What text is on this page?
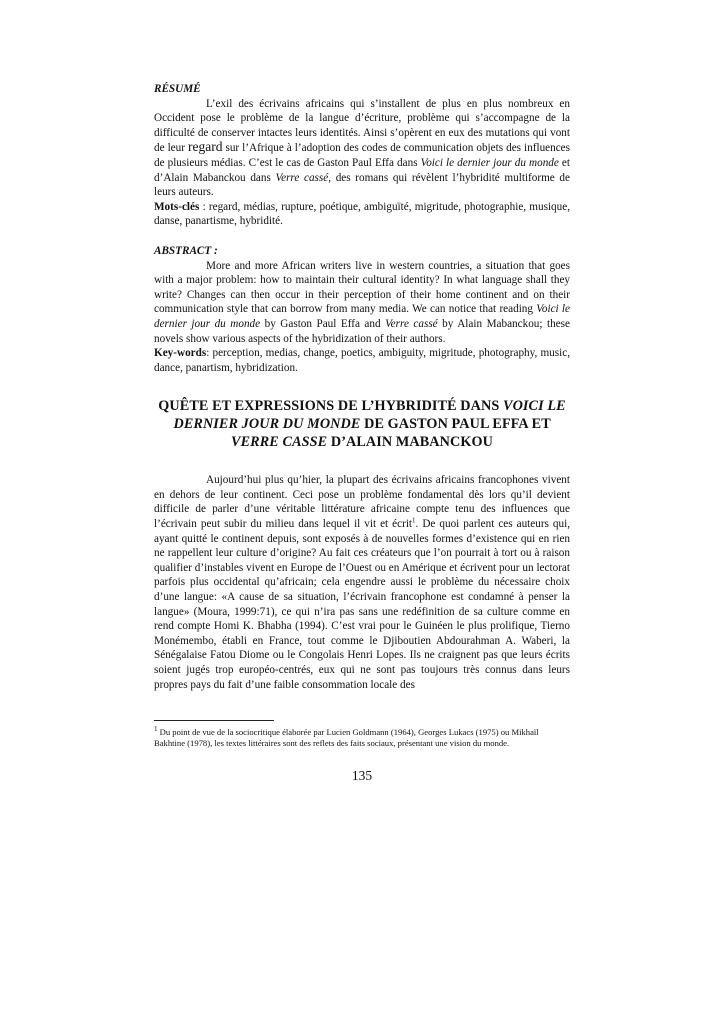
RÉSUMÉ

L’exil des écrivains africains qui s’installent de plus en plus nombreux en Occident pose le problème de la langue d’écriture, problème qui s’accompagne de la difficulté de conserver intactes leurs identités. Ainsi s’opèrent en eux des mutations qui vont de leur regard sur l’Afrique à l’adoption des codes de communication objets des influences de plusieurs médias. C’est le cas de Gaston Paul Effa dans Voici le dernier jour du monde et d’Alain Mabanckou dans Verre cassé, des romans qui révèlent l’hybridité multiforme de leurs auteurs.

Mots-clés : regard, médias, rupture, poétique, ambiguïté, migritude, photographie, musique, danse, panartisme, hybridité.

ABSTRACT :

More and more African writers live in western countries, a situation that goes with a major problem: how to maintain their cultural identity? In what language shall they write? Changes can then occur in their perception of their home continent and on their communication style that can borrow from many media. We can notice that reading Voici le dernier jour du monde by Gaston Paul Effa and Verre cassé by Alain Mabanckou; these novels show various aspects of the hybridization of their authors.

Key-words: perception, medias, change, poetics, ambiguity, migritude, photography, music, dance, panartism, hybridization.

QUÊTE ET EXPRESSIONS DE L’HYBRIDITÉ DANS VOICI LE DERNIER JOUR DU MONDE DE GASTON PAUL EFFA ET VERRE CASSE D’ALAIN MABANCKOU

Aujourd’hui plus qu’hier, la plupart des écrivains africains francophones vivent en dehors de leur continent. Ceci pose un problème fondamental dès lors qu’il devient difficile de parler d’une véritable littérature africaine compte tenu des influences que l’écrivain peut subir du milieu dans lequel il vit et écrit$^1$. De quoi parlent ces auteurs qui, ayant quitté le continent depuis, sont exposés à de nouvelles formes d’existence qui en rien ne rappellent leur culture d’origine? Au fait ces créateurs que l’on pourrait à tort ou à raison qualifier d’instables vivent en Europe de l’Ouest ou en Amérique et écrivent pour un lectorat parfois plus occidental qu’africain; cela engendre aussi le problème du nécessaire choix d’une langue: «A cause de sa situation, l’écrivain francophone est condamné à penser la langue» (Moura, 1999:71), ce qui n’ira pas sans une redéfinition de sa culture comme en rend compte Homi K. Bhabha (1994). C’est vrai pour le Guinéen le plus prolifique, Tierno Monémembo, établi en France, tout comme le Djiboutien Abdourahman A. Waberi, la Sénégalaise Fatou Diome ou le Congolais Henri Lopes. Ils ne craignent pas que leurs écrits soient jugés trop européo-centrés, eux qui ne sont pas toujours très connus dans leurs propres pays du fait d’une faible consommation locale des

$^1$ Du point de vue de la sociocritique élaborée par Lucien Goldmann (1964), Georges Lukacs (1975) ou Mikhaïl Bakhtine (1978), les textes littéraires sont des reflets des faits sociaux, présentant une vision du monde.

135
